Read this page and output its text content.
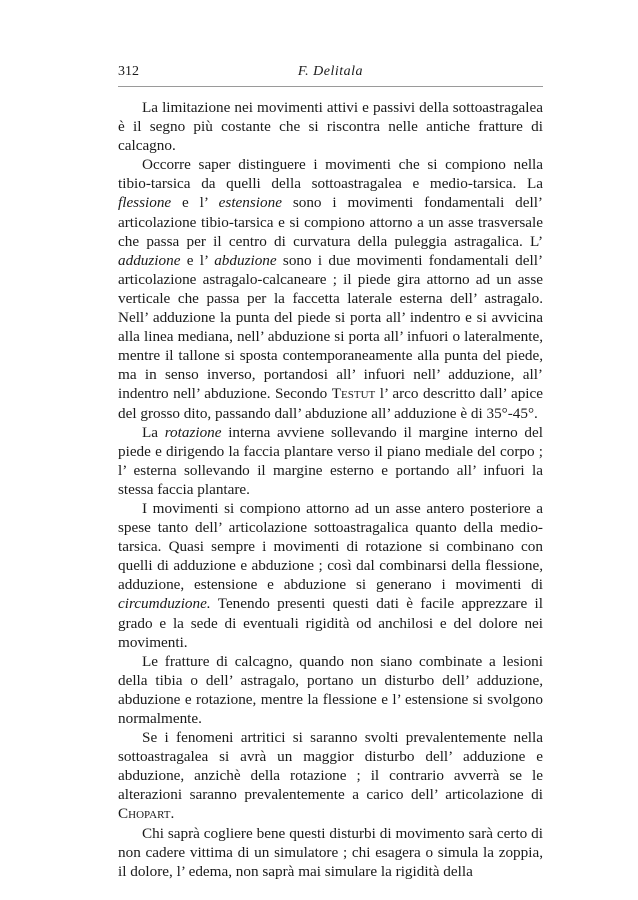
312	F. Delitala

La limitazione nei movimenti attivi e passivi della sottoastragalea è il segno più costante che si riscontra nelle antiche fratture di calcagno.

Occorre saper distinguere i movimenti che si compiono nella tibio-tarsica da quelli della sottoastragalea e medio-tarsica. La flessione e l’ estensione sono i movimenti fondamentali dell’ articolazione tibio-tarsica e si compiono attorno a un asse trasversale che passa per il centro di curvatura della puleggia astragalica. L’ adduzione e l’ abduzione sono i due movimenti fondamentali dell’ articolazione astragalo-calcaneare ; il piede gira attorno ad un asse verticale che passa per la faccetta laterale esterna dell’ astragalo. Nell’ adduzione la punta del piede si porta all’ indentro e si avvicina alla linea mediana, nell’ abduzione si porta all’ infuori o lateralmente, mentre il tallone si sposta contemporaneamente alla punta del piede, ma in senso inverso, portandosi all’ infuori nell’ adduzione, all’ indentro nell’ abduzione. Secondo Testut l’ arco descritto dall’ apice del grosso dito, passando dall’ abduzione all’ adduzione è di 35°-45°.

La rotazione interna avviene sollevando il margine interno del piede e dirigendo la faccia plantare verso il piano mediale del corpo ; l’ esterna sollevando il margine esterno e portando all’ infuori la stessa faccia plantare.

I movimenti si compiono attorno ad un asse antero posteriore a spese tanto dell’ articolazione sottoastragalica quanto della medio-tarsica. Quasi sempre i movimenti di rotazione si combinano con quelli di adduzione e abduzione ; così dal combinarsi della flessione, adduzione, estensione e abduzione si generano i movimenti di circumduzione. Tenendo presenti questi dati è facile apprezzare il grado e la sede di eventuali rigidità od anchilosi e del dolore nei movimenti.

Le fratture di calcagno, quando non siano combinate a lesioni della tibia o dell’ astragalo, portano un disturbo dell’ adduzione, abduzione e rotazione, mentre la flessione e l’ estensione si svolgono normalmente.

Se i fenomeni artritici si saranno svolti prevalentemente nella sottoastragalea si avrà un maggior disturbo dell’ adduzione e abduzione, anzichè della rotazione ; il contrario avverrà se le alterazioni saranno prevalentemente a carico dell’ articolazione di Chopart.

Chi saprà cogliere bene questi disturbi di movimento sarà certo di non cadere vittima di un simulatore ; chi esagera o simula la zoppia, il dolore, l’ edema, non saprà mai simulare la rigidità della
